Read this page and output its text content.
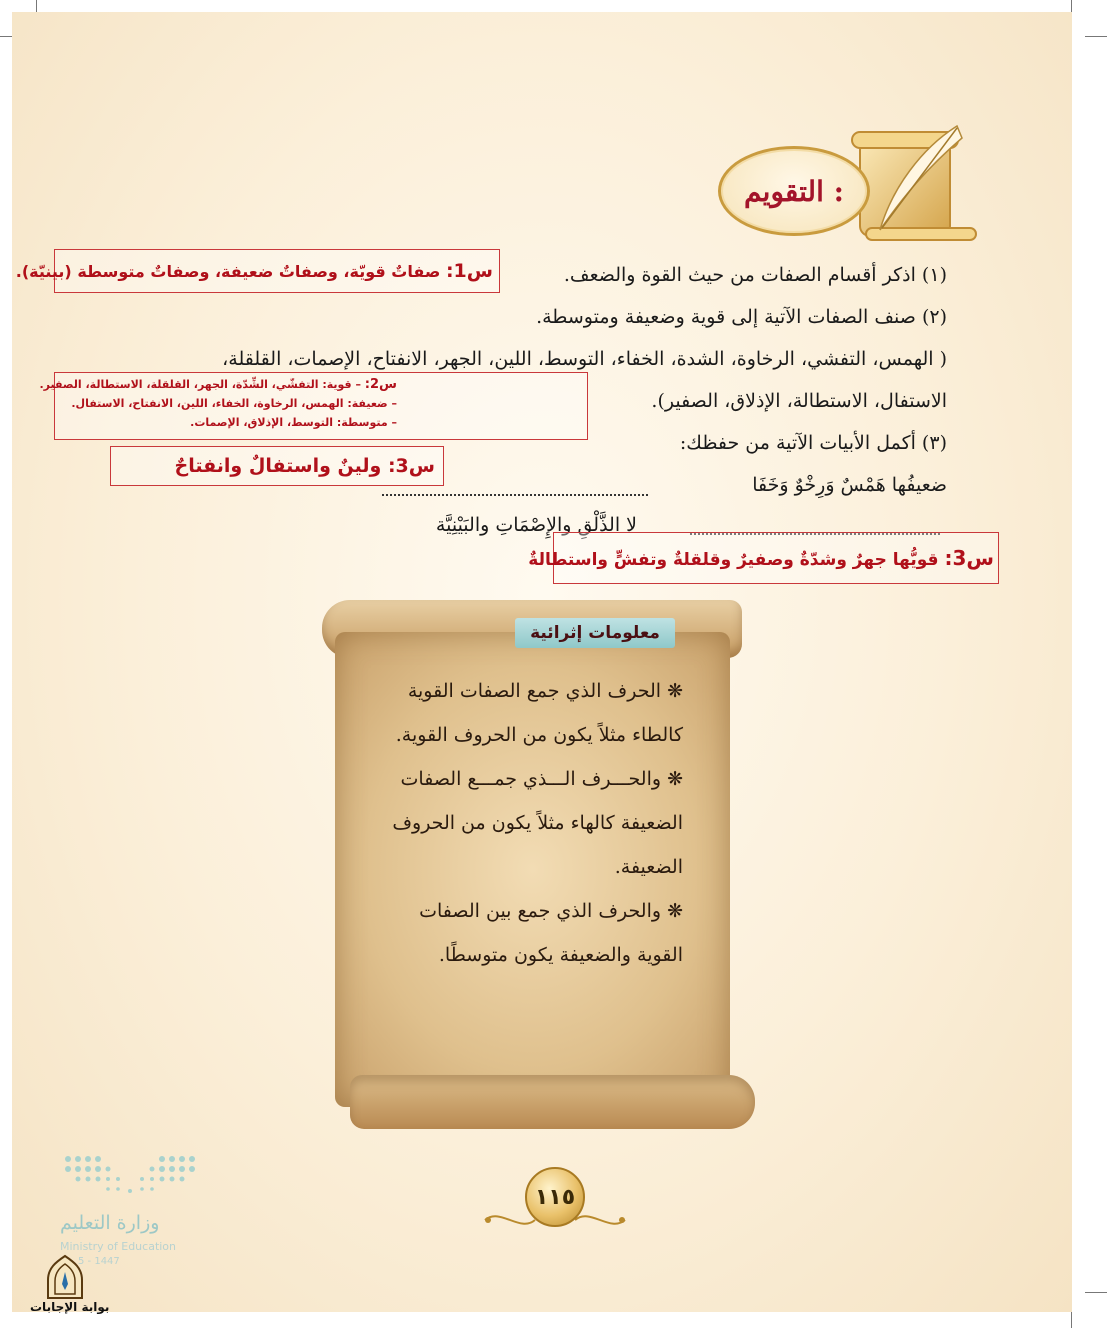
التقويم :
(١) اذكر أقسام الصفات من حيث القوة والضعف.
(٢) صنف الصفات الآتية إلى قوية وضعيفة ومتوسطة.
( الهمس، التفشي، الرخاوة، الشدة، الخفاء، التوسط، اللين، الجهر، الانفتاح، الإصمات، القلقلة،
الاستفال، الاستطالة، الإذلاق، الصفير).
(٣) أكمل الأبيات الآتية من حفظك:
ضعيفُها هَمْسٌ وَرِخْوٌ وَخَفَا
لا الذَّلْقِ والإِصْمَاتِ والبَيْنِيَّة
س1: صفاتٌ قويّة، وصفاتٌ ضعيفة، وصفاتٌ متوسطة (بينيّة).
س2: – قوية: التفشّي، الشِّدّة، الجهر، القلقلة، الاستطالة، الصفير.
– ضعيفة: الهمس، الرخاوة، الخفاء، اللين، الانفتاح، الاستفال.
– متوسطة: التوسط، الإذلاق، الإصمات.
س3: ولينٌ واستفالٌ وانفتاحٌ
س3: قويُّها جهرٌ وشدّةٌ وصفيرٌ وقلقلةٌ وتفشٍّ واستطالةٌ
معلومات إثرائية
❋ الحرف الذي جمع الصفات القوية
كالطاء مثلاً يكون من الحروف القوية.
❋ والحـــرف الـــذي جمـــع الصفات
الضعيفة كالهاء مثلاً يكون من الحروف
الضعيفة.
❋ والحرف الذي جمع بين الصفات
القوية والضعيفة يكون متوسطًا.
١١٥
وزارة التعليم
Ministry of Education
5 - 1447
بوابة الإجابات
